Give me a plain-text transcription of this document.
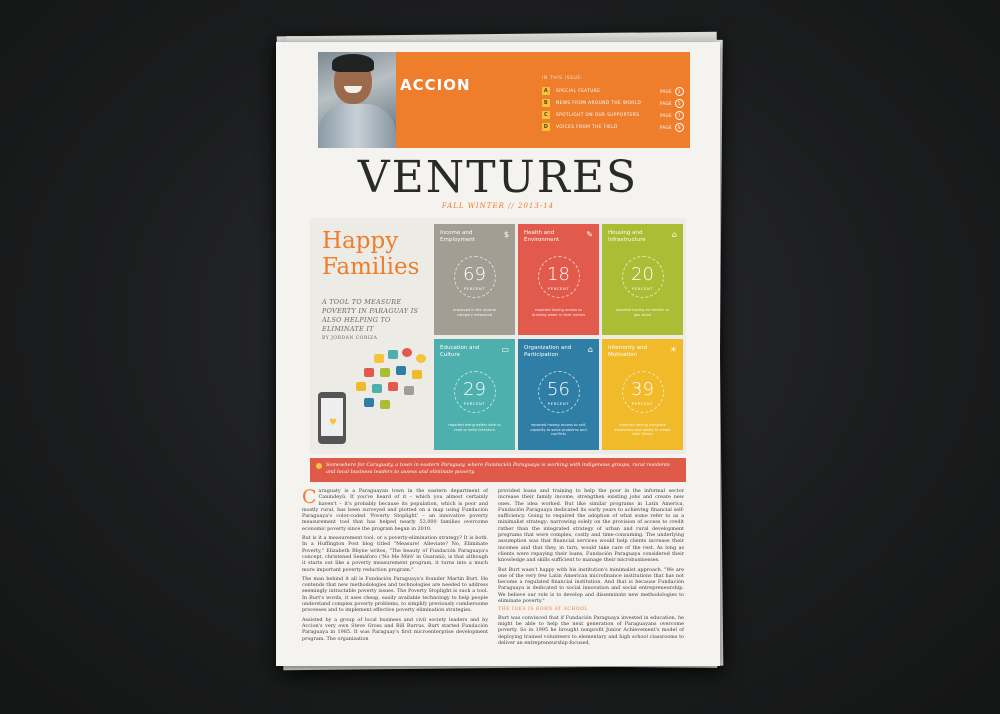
ACCION	IN THIS ISSUE:
A	SPECIAL FEATURE	PAGE	2
B	NEWS FROM AROUND THE WORLD	PAGE	5
C	SPOTLIGHT ON OUR SUPPORTERS	PAGE	7
D	VOICES FROM THE FIELD	PAGE	8
VENTURES
FALL WINTER // 2013-14
Happy
Families
A TOOL TO MEASURE POVERTY IN PARAGUAY IS ALSO HELPING TO ELIMINATE IT
BY JORDAN CORIZA
♥
Income and Employment
$
69
PERCENT
improved in the income category measured
Health and Environment
✎
18
PERCENT
reported having access to drinking water in their homes
Housing and Infrastructure
⌂
20
PERCENT
reported having an electric or gas stove
Education and Culture
▭
29
PERCENT
reported being better able to read or write literature
Organization and Participation
⌂
56
PERCENT
reported having access to self-capacity to solve problems and conflicts
Interiority and Motivation
☀
39
PERCENT
reported having complete awareness and ability to create their future
Somewhere for Caraguaty, a town in eastern Paraguay, where Fundación Paraguaya is working with indigenous groups, rural residents and local business leaders to assess and eliminate poverty.

Caraguaty is a Paraguayan town in the eastern department of Canindeyú. If you've heard of it – which you almost certainly haven't – it's probably because its population, which is poor and mostly rural, has been surveyed and plotted on a map using Fundación Paraguaya's color-coded 'Poverty Stoplight' – an innovative poverty measurement tool that has helped nearly 53,000 families overcome economic poverty since the program began in 2010.

But is it a measurement tool, or a poverty-elimination strategy? It is both. In a Huffington Post blog titled "Measure! Alleviate? No, Eliminate Poverty," Elizabeth Rhyne writes, "The beauty of Fundación Paraguaya's concept, christened Semáforo ('No Me Miré' in Guaraní), is that although it starts out like a poverty measurement program, it turns into a much more important poverty reduction program."

The man behind it all is Fundación Paraguaya's founder Martin Burt. He contends that new methodologies and technologies are needed to address seemingly intractable poverty issues. The Poverty Stoplight is such a tool. In Burt's words, it uses cheap, easily available technology to help people understand complex poverty problems, to simplify previously cumbersome processes and to implement effective poverty elimination strategies.

Assisted by a group of local business and civil society leaders and by Accion's very own Steve Gross and Bill Burrus, Burt started Fundación Paraguaya in 1985. It was Paraguay's first microenterprise development program. The organization

provided loans and training to help the poor in the informal sector increase their family income, strengthen existing jobs and create new ones. The idea worked. But like similar programs in Latin America, Fundación Paraguaya dedicated its early years to achieving financial self-sufficiency. Going to required the adoption of what some refer to as a minimalist strategy: narrowing solely on the provision of access to credit rather than the integrated strategy of urban and rural development programs that were complex, costly and time-consuming. The underlying assumption was that financial services would help clients increase their incomes and that they, in turn, would take care of the rest. As long as clients were repaying their loans, Fundación Paraguaya considered their knowledge and skills sufficient to manage their microbusinesses.

But Burt wasn't happy with his institution's minimalist approach. "We are one of the very few Latin American microfinance institutions that has not become a regulated financial institution. And that is because Fundación Paraguaya is dedicated to social innovation and social entrepreneurship. We believe our role is to develop and disseminate new methodologies to eliminate poverty."

THE IDEA IS BORN AT SCHOOL

Burt was convinced that if Fundación Paraguaya invested in education, he might be able to help the next generation of Paraguayans overcome poverty. So in 1995 he brought nonprofit Junior Achievement's model of deploying trained volunteers to elementary and high school classrooms to deliver an entrepreneurship-focused,
